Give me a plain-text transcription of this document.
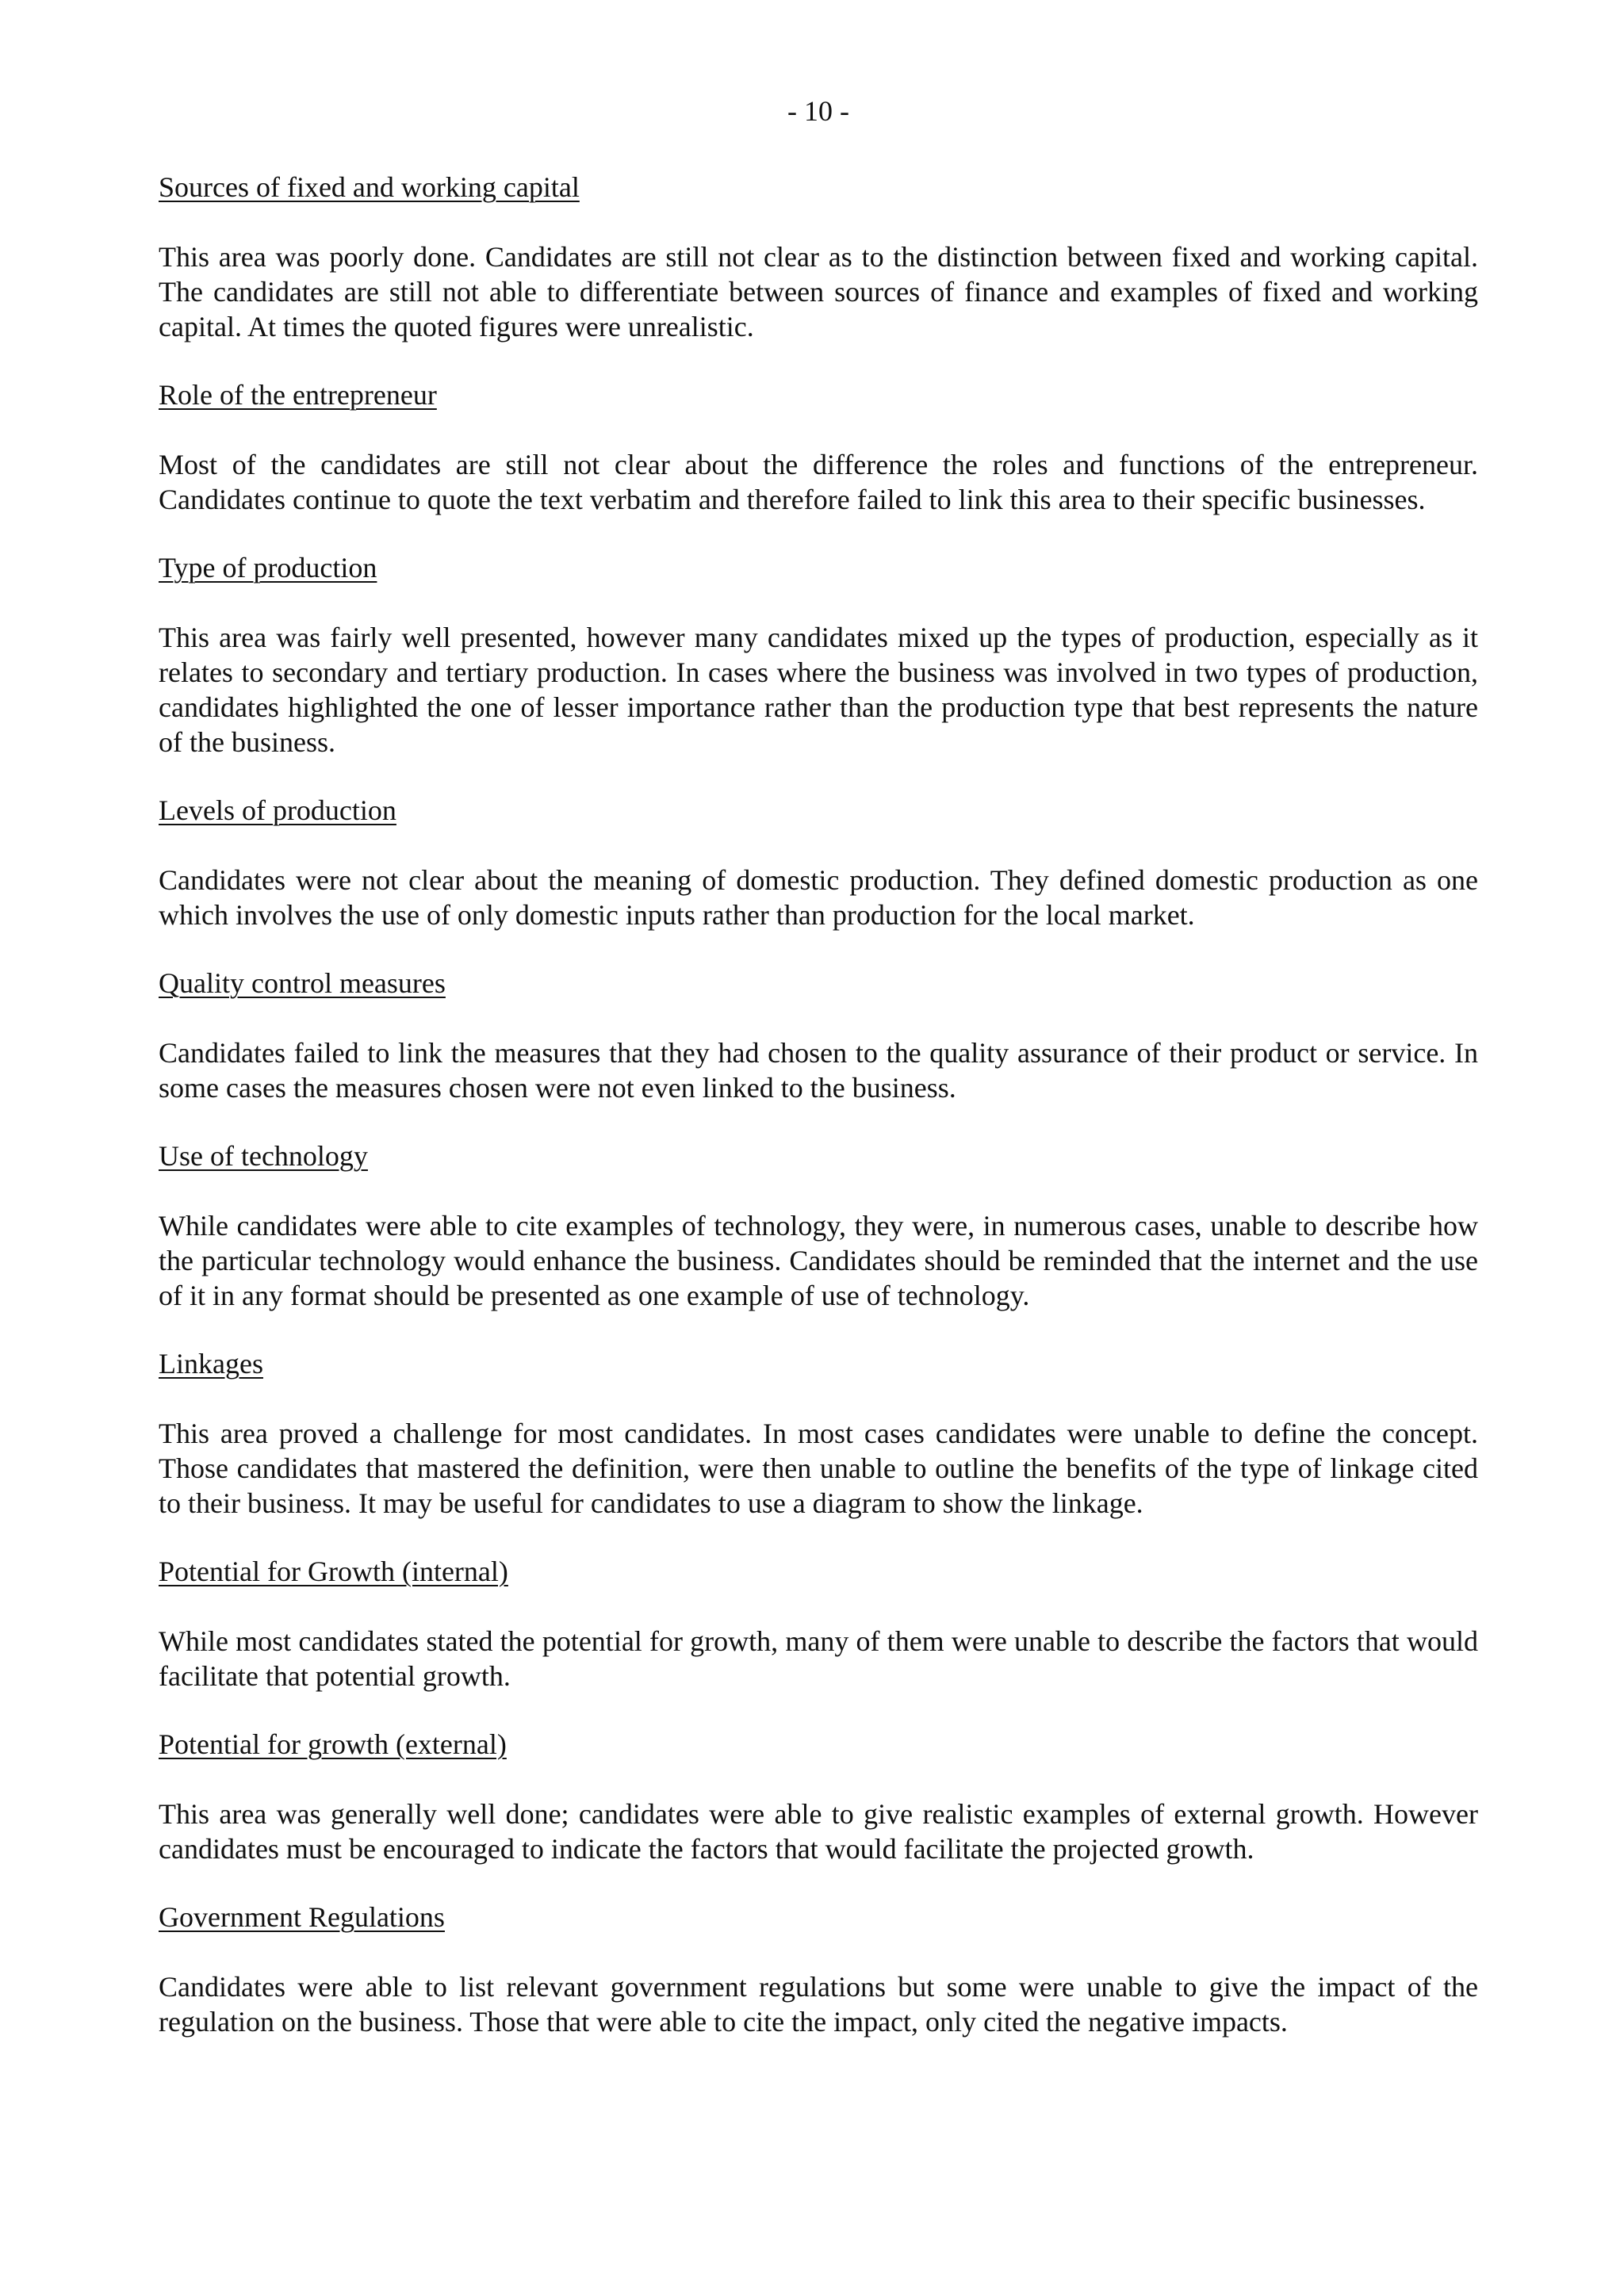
- 10 -
Sources of fixed and working capital

This area was poorly done. Candidates are still not clear as to the distinction between fixed and working capital. The candidates are still not able to differentiate between sources of finance and examples of fixed and working capital. At times the quoted figures were unrealistic.

Role of the entrepreneur

Most of the candidates are still not clear about the difference the roles and functions of the entrepreneur. Candidates continue to quote the text verbatim and therefore failed to link this area to their specific businesses.

Type of production

This area was fairly well presented, however many candidates mixed up the types of production, especially as it relates to secondary and tertiary production. In cases where the business was involved in two types of production, candidates highlighted the one of lesser importance rather than the production type that best represents the nature of the business.

Levels of production

Candidates were not clear about the meaning of domestic production. They defined domestic production as one which involves the use of only domestic inputs rather than production for the local market.

Quality control measures

Candidates failed to link the measures that they had chosen to the quality assurance of their product or service. In some cases the measures chosen were not even linked to the business.

Use of technology

While candidates were able to cite examples of technology, they were, in numerous cases, unable to describe how the particular technology would enhance the business. Candidates should be reminded that the internet and the use of it in any format should be presented as one example of use of technology.

Linkages

This area proved a challenge for most candidates. In most cases candidates were unable to define the concept. Those candidates that mastered the definition, were then unable to outline the benefits of the type of linkage cited to their business. It may be useful for candidates to use a diagram to show the linkage.

Potential for Growth (internal)

While most candidates stated the potential for growth, many of them were unable to describe the factors that would facilitate that potential growth.

Potential for growth (external)

This area was generally well done; candidates were able to give realistic examples of external growth. However candidates must be encouraged to indicate the factors that would facilitate the projected growth.

Government Regulations

Candidates were able to list relevant government regulations but some were unable to give the impact of the regulation on the business. Those that were able to cite the impact, only cited the negative impacts.
